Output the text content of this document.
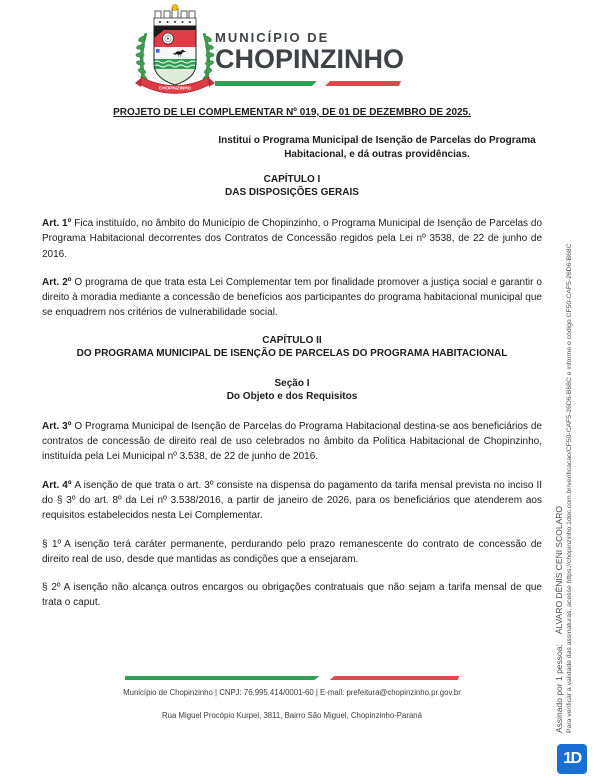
CHOPINZINHO
MUNICÍPIO DE
CHOPINZINHO
PROJETO DE LEI COMPLEMENTAR Nº 019, DE 01 DE DEZEMBRO DE 2025.

Institui o Programa Municipal de Isenção de Parcelas do Programa Habitacional, e dá outras providências.

CAPÍTULO I
DAS DISPOSIÇÕES GERAIS

Art. 1º Fica instituído, no âmbito do Município de Chopinzinho, o Programa Municipal de Isenção de Parcelas do Programa Habitacional decorrentes dos Contratos de Concessão regidos pela Lei nº 3538, de 22 de junho de 2016.

Art. 2º O programa de que trata esta Lei Complementar tem por finalidade promover a justiça social e garantir o direito à moradia mediante a concessão de benefícios aos participantes do programa habitacional municipal que se enquadrem nos critérios de vulnerabilidade social.

CAPÍTULO II
DO PROGRAMA MUNICIPAL DE ISENÇÃO DE PARCELAS DO PROGRAMA HABITACIONAL
Seção I
Do Objeto e dos Requisitos

Art. 3º O Programa Municipal de Isenção de Parcelas do Programa Habitacional destina-se aos beneficiários de contratos de concessão de direito real de uso celebrados no âmbito da Política Habitacional de Chopinzinho, instituída pela Lei Municipal nº 3.538, de 22 de junho de 2016.

Art. 4º A isenção de que trata o art. 3º consiste na dispensa do pagamento da tarifa mensal prevista no inciso II do § 3º do art. 8º da Lei nº 3.538/2016, a partir de janeiro de 2026, para os beneficiários que atenderem aos requisitos estabelecidos nesta Lei Complementar.

§ 1º A isenção terá caráter permanente, perdurando pelo prazo remanescente do contrato de concessão de direito real de uso, desde que mantidas as condições que a ensejaram.

§ 2º A isenção não alcança outros encargos ou obrigações contratuais que não sejam a tarifa mensal de que trata o caput.

Município de Chopinzinho | CNPJ: 76.995.414/0001-60 | E-mail: prefeitura@chopinzinho.pr.gov.br
Rua Miguel Procópio Kurpel, 3811, Bairro São Miguel, Chopinzinho-Paraná	Assinado por 1 pessoa:ÁLVARO DÊNIS CENI SCOLARO Para verificar a validade das assinaturas, acesse https://chopinzinho.1doc.com.br/verificacao/CF50-CAF5-26D6-B68C e informe o código CF50-CAF5-26D6-B68C
1D
